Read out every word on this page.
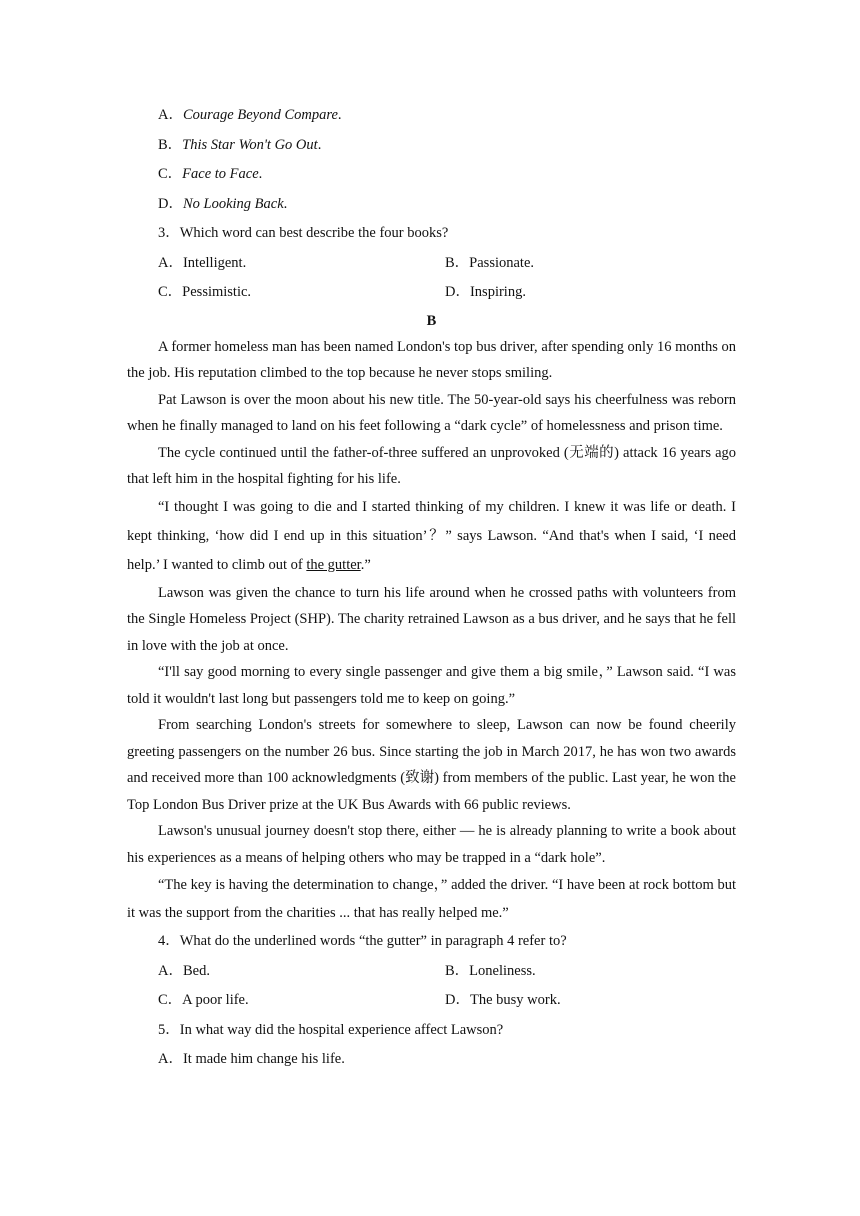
A．Courage Beyond Compare.
B．This Star Won't Go Out.
C．Face to Face.
D．No Looking Back.
3．Which word can best describe the four books?
A．Intelligent.	B．Passionate.
C．Pessimistic.	D．Inspiring.
B

A former homeless man has been named London's top bus driver, after spending only 16 months on the job. His reputation climbed to the top because he never stops smiling.

Pat Lawson is over the moon about his new title. The 50-year-old says his cheerfulness was reborn when he finally managed to land on his feet following a “dark cycle” of homelessness and prison time.

The cycle continued until the father-of-three suffered an unprovoked (无端的) attack 16 years ago that left him in the hospital fighting for his life.

“I thought I was going to die and I started thinking of my children. I knew it was life or death. I kept thinking, ‘how did I end up in this situation’？” says Lawson. “And that's when I said, ‘I need help.’ I wanted to climb out of the gutter.”

Lawson was given the chance to turn his life around when he crossed paths with volunteers from the Single Homeless Project (SHP). The charity retrained Lawson as a bus driver, and he says that he fell in love with the job at once.

“I'll say good morning to every single passenger and give them a big smile，” Lawson said. “I was told it wouldn't last long but passengers told me to keep on going.”

From searching London's streets for somewhere to sleep, Lawson can now be found cheerily greeting passengers on the number 26 bus. Since starting the job in March 2017, he has won two awards and received more than 100 acknowledgments (致谢) from members of the public. Last year, he won the Top London Bus Driver prize at the UK Bus Awards with 66 public reviews.

Lawson's unusual journey doesn't stop there, either — he is already planning to write a book about his experiences as a means of helping others who may be trapped in a “dark hole”.

“The key is having the determination to change，” added the driver. “I have been at rock bottom but it was the support from the charities ... that has really helped me.”

4．What do the underlined words “the gutter” in paragraph 4 refer to?
A．Bed.	B．Loneliness.
C．A poor life.	D．The busy work.
5．In what way did the hospital experience affect Lawson?
A．It made him change his life.
